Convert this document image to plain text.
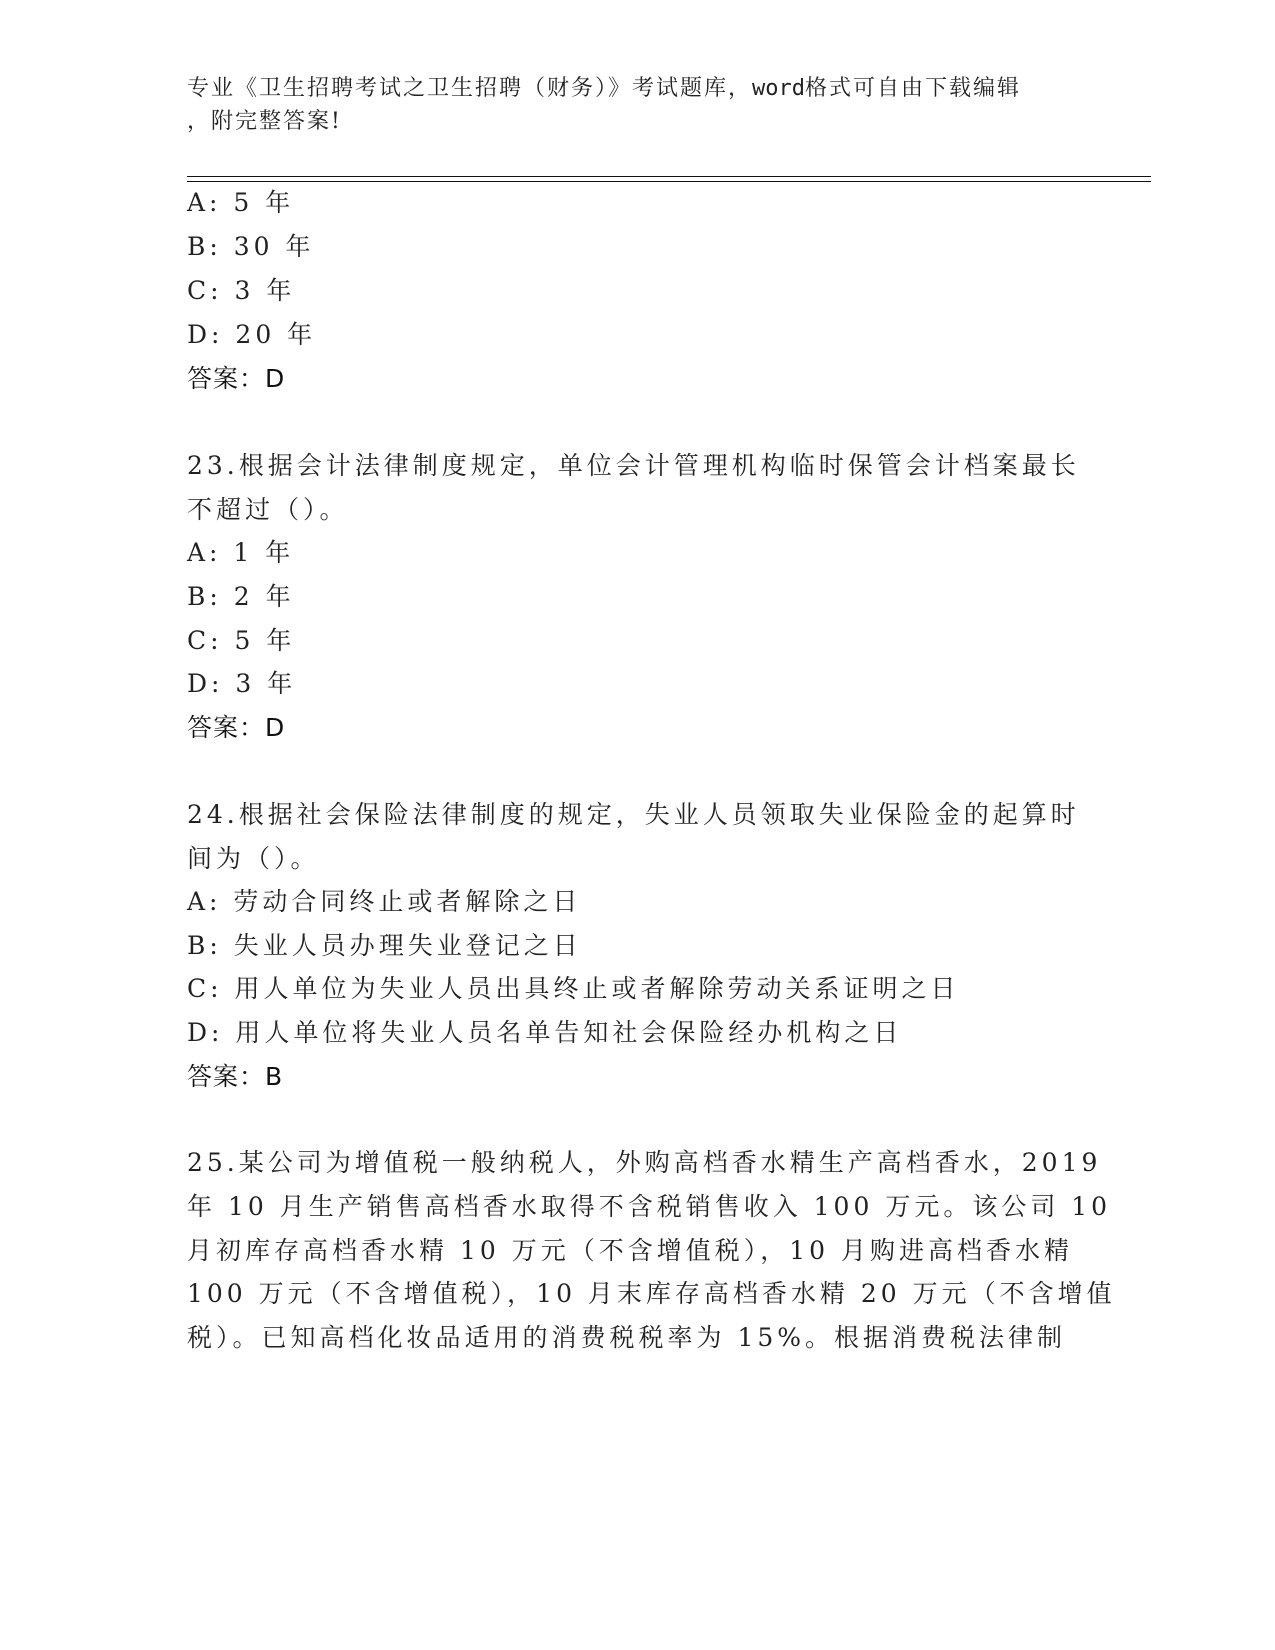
专业《卫生招聘考试之卫生招聘（财务）》考试题库，word格式可自由下载编辑
，附完整答案!
A: 5 年
B: 30 年
C: 3 年
D: 20 年
答案：D
23.根据会计法律制度规定，单位会计管理机构临时保管会计档案最长
不超过（）。
A: 1 年
B: 2 年
C: 5 年
D: 3 年
答案：D
24.根据社会保险法律制度的规定，失业人员领取失业保险金的起算时
间为（）。
A: 劳动合同终止或者解除之日
B: 失业人员办理失业登记之日
C: 用人单位为失业人员出具终止或者解除劳动关系证明之日
D: 用人单位将失业人员名单告知社会保险经办机构之日
答案：B
25.某公司为增值税一般纳税人，外购高档香水精生产高档香水，2019
年 10 月生产销售高档香水取得不含税销售收入 100 万元。该公司 10
月初库存高档香水精 10 万元（不含增值税），10 月购进高档香水精
100 万元（不含增值税），10 月末库存高档香水精 20 万元（不含增值
税）。已知高档化妆品适用的消费税税率为 15%。根据消费税法律制
